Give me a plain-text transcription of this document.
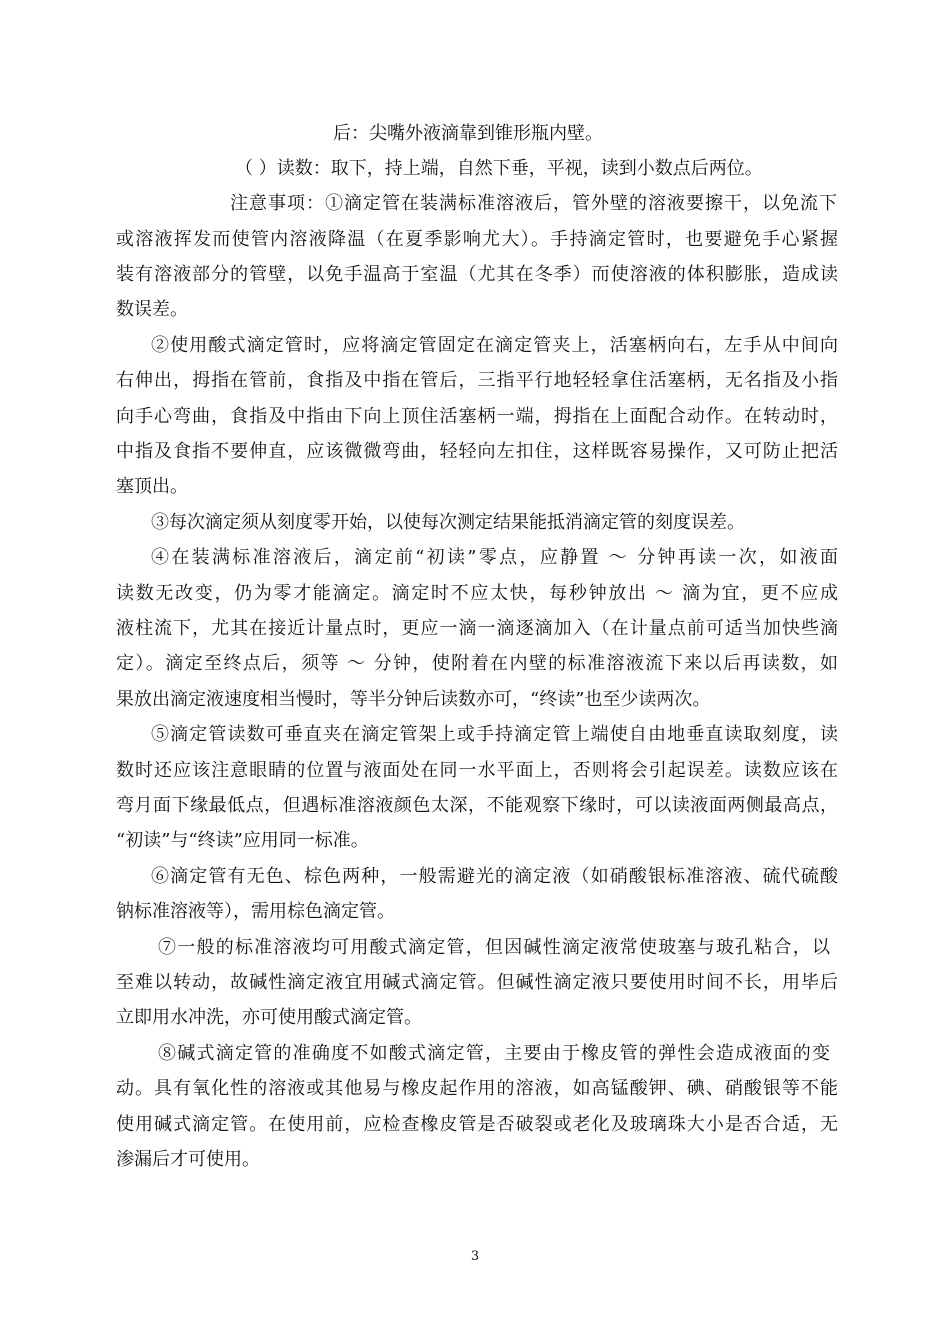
后：尖嘴外液滴靠到锥形瓶内壁。
（ ）读数：取下，持上端，自然下垂，平视，读到小数点后两位。
注意事项：①滴定管在装满标准溶液后，管外壁的溶液要擦干，以免流下
或溶液挥发而使管内溶液降温（在夏季影响尤大）。手持滴定管时，也要避免手心紧握
装有溶液部分的管壁，以免手温高于室温（尤其在冬季）而使溶液的体积膨胀，造成读
数误差。
②使用酸式滴定管时，应将滴定管固定在滴定管夹上，活塞柄向右，左手从中间向
右伸出，拇指在管前，食指及中指在管后，三指平行地轻轻拿住活塞柄，无名指及小指
向手心弯曲，食指及中指由下向上顶住活塞柄一端，拇指在上面配合动作。在转动时，
中指及食指不要伸直，应该微微弯曲，轻轻向左扣住，这样既容易操作，又可防止把活
塞顶出。
③每次滴定须从刻度零开始，以使每次测定结果能抵消滴定管的刻度误差。
④在装满标准溶液后，滴定前“初读”零点，应静置 ～ 分钟再读一次，如液面
读数无改变，仍为零才能滴定。滴定时不应太快，每秒钟放出 ～ 滴为宜，更不应成
液柱流下，尤其在接近计量点时，更应一滴一滴逐滴加入（在计量点前可适当加快些滴
定）。滴定至终点后，须等 ～ 分钟，使附着在内壁的标准溶液流下来以后再读数，如
果放出滴定液速度相当慢时，等半分钟后读数亦可，“终读”也至少读两次。
⑤滴定管读数可垂直夹在滴定管架上或手持滴定管上端使自由地垂直读取刻度，读
数时还应该注意眼睛的位置与液面处在同一水平面上，否则将会引起误差。读数应该在
弯月面下缘最低点，但遇标准溶液颜色太深，不能观察下缘时，可以读液面两侧最高点，
“初读”与“终读”应用同一标准。
⑥滴定管有无色、棕色两种，一般需避光的滴定液（如硝酸银标准溶液、硫代硫酸
钠标准溶液等），需用棕色滴定管。
⑦一般的标准溶液均可用酸式滴定管，但因碱性滴定液常使玻塞与玻孔粘合，以
至难以转动，故碱性滴定液宜用碱式滴定管。但碱性滴定液只要使用时间不长，用毕后
立即用水冲洗，亦可使用酸式滴定管。
⑧碱式滴定管的准确度不如酸式滴定管，主要由于橡皮管的弹性会造成液面的变
动。具有氧化性的溶液或其他易与橡皮起作用的溶液，如高锰酸钾、碘、硝酸银等不能
使用碱式滴定管。在使用前，应检查橡皮管是否破裂或老化及玻璃珠大小是否合适，无
渗漏后才可使用。
3
